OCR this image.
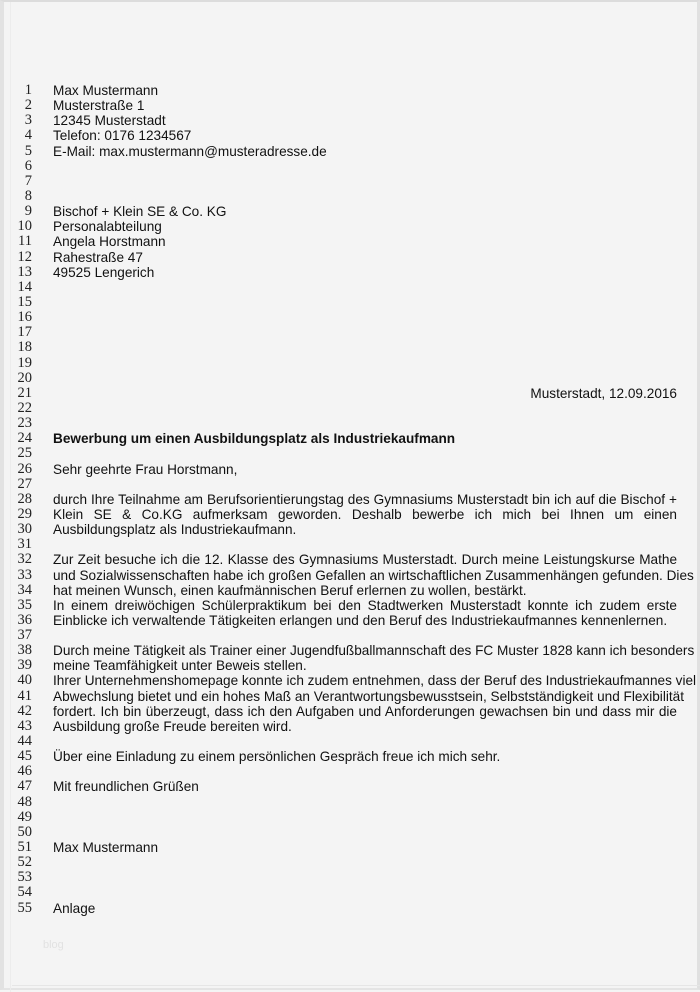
1 Max Mustermann
2 Musterstraße 1
3 12345 Musterstadt
4 Telefon: 0176 1234567
5 E-Mail: max.mustermann@musteradresse.de
6
7
8
9 Bischof + Klein SE & Co. KG
10 Personalabteilung
11 Angela Horstmann
12 Rahestraße 47
13 49525 Lengerich
14
15
16
17
18
19
20
21	Musterstadt, 12.09.2016
22
23
24 Bewerbung um einen Ausbildungsplatz als Industriekaufmann
25
26 Sehr geehrte Frau Horstmann,
27
28 durch Ihre Teilnahme am Berufsorientierungstag des Gymnasiums Musterstadt bin ich auf die Bischof +
29 Klein SE & Co.KG aufmerksam geworden. Deshalb bewerbe ich mich bei Ihnen um einen
30 Ausbildungsplatz als Industriekaufmann.
31
32 Zur Zeit besuche ich die 12. Klasse des Gymnasiums Musterstadt. Durch meine Leistungskurse Mathe
33 und Sozialwissenschaften habe ich großen Gefallen an wirtschaftlichen Zusammenhängen gefunden. Dies
34 hat meinen Wunsch, einen kaufmännischen Beruf erlernen zu wollen, bestärkt.
35 In einem dreiwöchigen Schülerpraktikum bei den Stadtwerken Musterstadt konnte ich zudem erste
36 Einblicke ich verwaltende Tätigkeiten erlangen und den Beruf des Industriekaufmannes kennenlernen.
37
38 Durch meine Tätigkeit als Trainer einer Jugendfußballmannschaft des FC Muster 1828 kann ich besonders
39 meine Teamfähigkeit unter Beweis stellen.
40 Ihrer Unternehmenshomepage konnte ich zudem entnehmen, dass der Beruf des Industriekaufmannes viel
41 Abwechslung bietet und ein hohes Maß an Verantwortungsbewusstsein, Selbstständigkeit und Flexibilität
42 fordert. Ich bin überzeugt, dass ich den Aufgaben und Anforderungen gewachsen bin und dass mir die
43 Ausbildung große Freude bereiten wird.
44
45 Über eine Einladung zu einem persönlichen Gespräch freue ich mich sehr.
46
47 Mit freundlichen Grüßen
48
49
50
51 Max Mustermann
52
53
54
55 Anlage
blog
